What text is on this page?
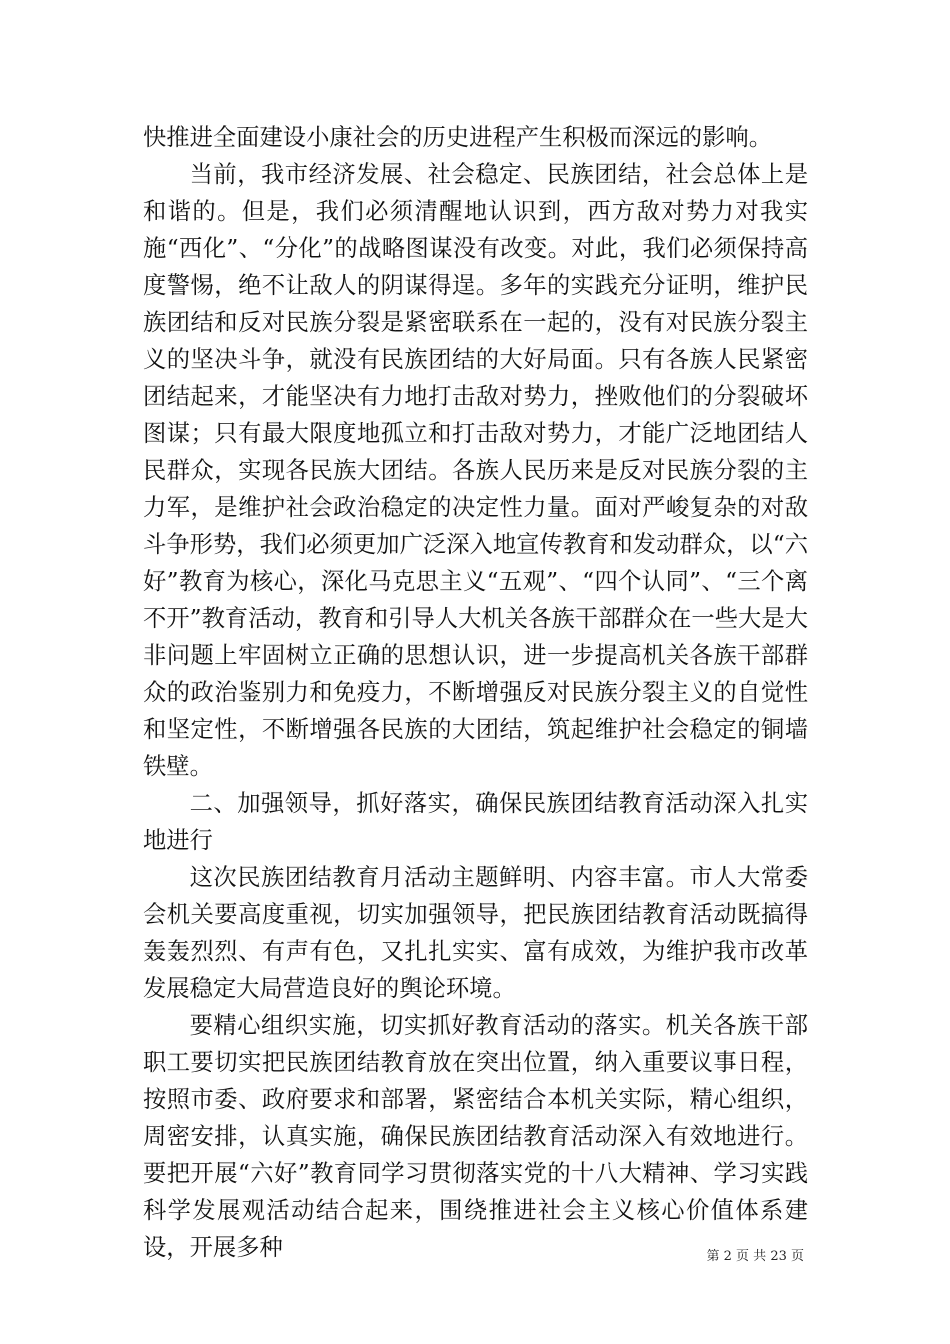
快推进全面建设小康社会的历史进程产生积极而深远的影响。

当前，我市经济发展、社会稳定、民族团结，社会总体上是和谐的。但是，我们必须清醒地认识到，西方敌对势力对我实施“西化”、“分化”的战略图谋没有改变。对此，我们必须保持高度警惕，绝不让敌人的阴谋得逞。多年的实践充分证明，维护民族团结和反对民族分裂是紧密联系在一起的，没有对民族分裂主义的坚决斗争，就没有民族团结的大好局面。只有各族人民紧密团结起来，才能坚决有力地打击敌对势力，挫败他们的分裂破坏图谋；只有最大限度地孤立和打击敌对势力，才能广泛地团结人民群众，实现各民族大团结。各族人民历来是反对民族分裂的主力军，是维护社会政治稳定的决定性力量。面对严峻复杂的对敌斗争形势，我们必须更加广泛深入地宣传教育和发动群众，以“六好”教育为核心，深化马克思主义“五观”、“四个认同”、“三个离不开”教育活动，教育和引导人大机关各族干部群众在一些大是大非问题上牢固树立正确的思想认识，进一步提高机关各族干部群众的政治鉴别力和免疫力，不断增强反对民族分裂主义的自觉性和坚定性，不断增强各民族的大团结，筑起维护社会稳定的铜墙铁壁。

二、加强领导，抓好落实，确保民族团结教育活动深入扎实地进行

这次民族团结教育月活动主题鲜明、内容丰富。市人大常委会机关要高度重视，切实加强领导，把民族团结教育活动既搞得轰轰烈烈、有声有色，又扎扎实实、富有成效，为维护我市改革发展稳定大局营造良好的舆论环境。

要精心组织实施，切实抓好教育活动的落实。机关各族干部职工要切实把民族团结教育放在突出位置，纳入重要议事日程，按照市委、政府要求和部署，紧密结合本机关实际，精心组织，周密安排，认真实施，确保民族团结教育活动深入有效地进行。要把开展“六好”教育同学习贯彻落实党的十八大精神、学习实践科学发展观活动结合起来，围绕推进社会主义核心价值体系建设，开展多种	第 2 页 共 23 页
